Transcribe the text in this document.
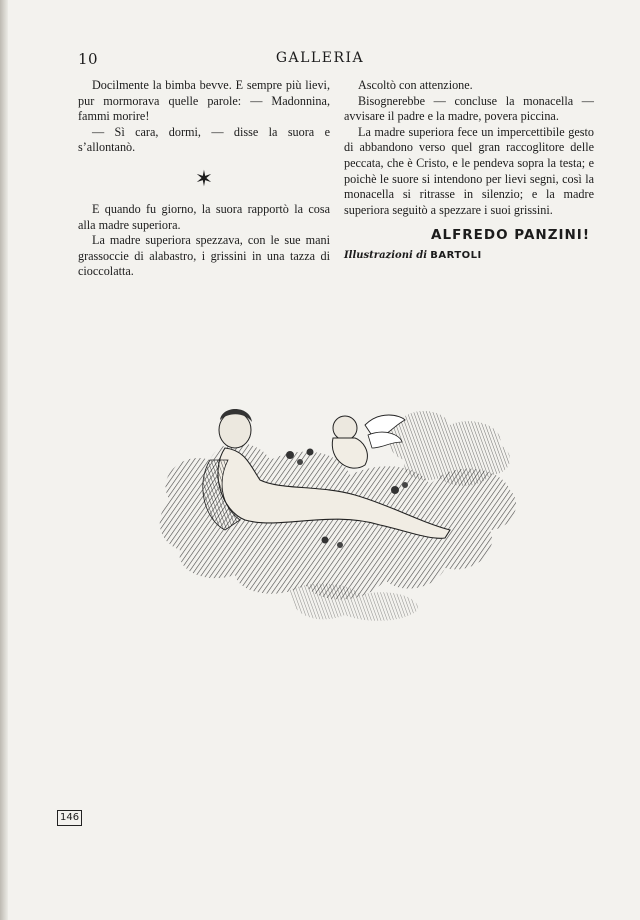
10	GALLERIA

Docilmente la bimba bevve. E sempre più lievi, pur mormorava quelle parole: — Madonnina, fammi morire!

— Sì cara, dormi, — disse la suora e s’allontanò.

✶

E quando fu giorno, la suora rapportò la cosa alla madre superiora.

La madre superiora spezzava, con le sue mani grassoccie di alabastro, i grissini in una tazza di cioccolatta.

Ascoltò con attenzione.

Bisognerebbe — concluse la monacella — avvisare il padre e la madre, povera piccina.

La madre superiora fece un impercettibile gesto di abbandono verso quel gran raccoglitore delle peccata, che è Cristo, e le pendeva sopra la testa; e poichè le suore si intendono per lievi segni, così la monacella si ritrasse in silenzio; e la madre superiora seguitò a spezzare i suoi grissini.

ALFREDO PANZINI!
Illustrazioni di BARTOLI
146
